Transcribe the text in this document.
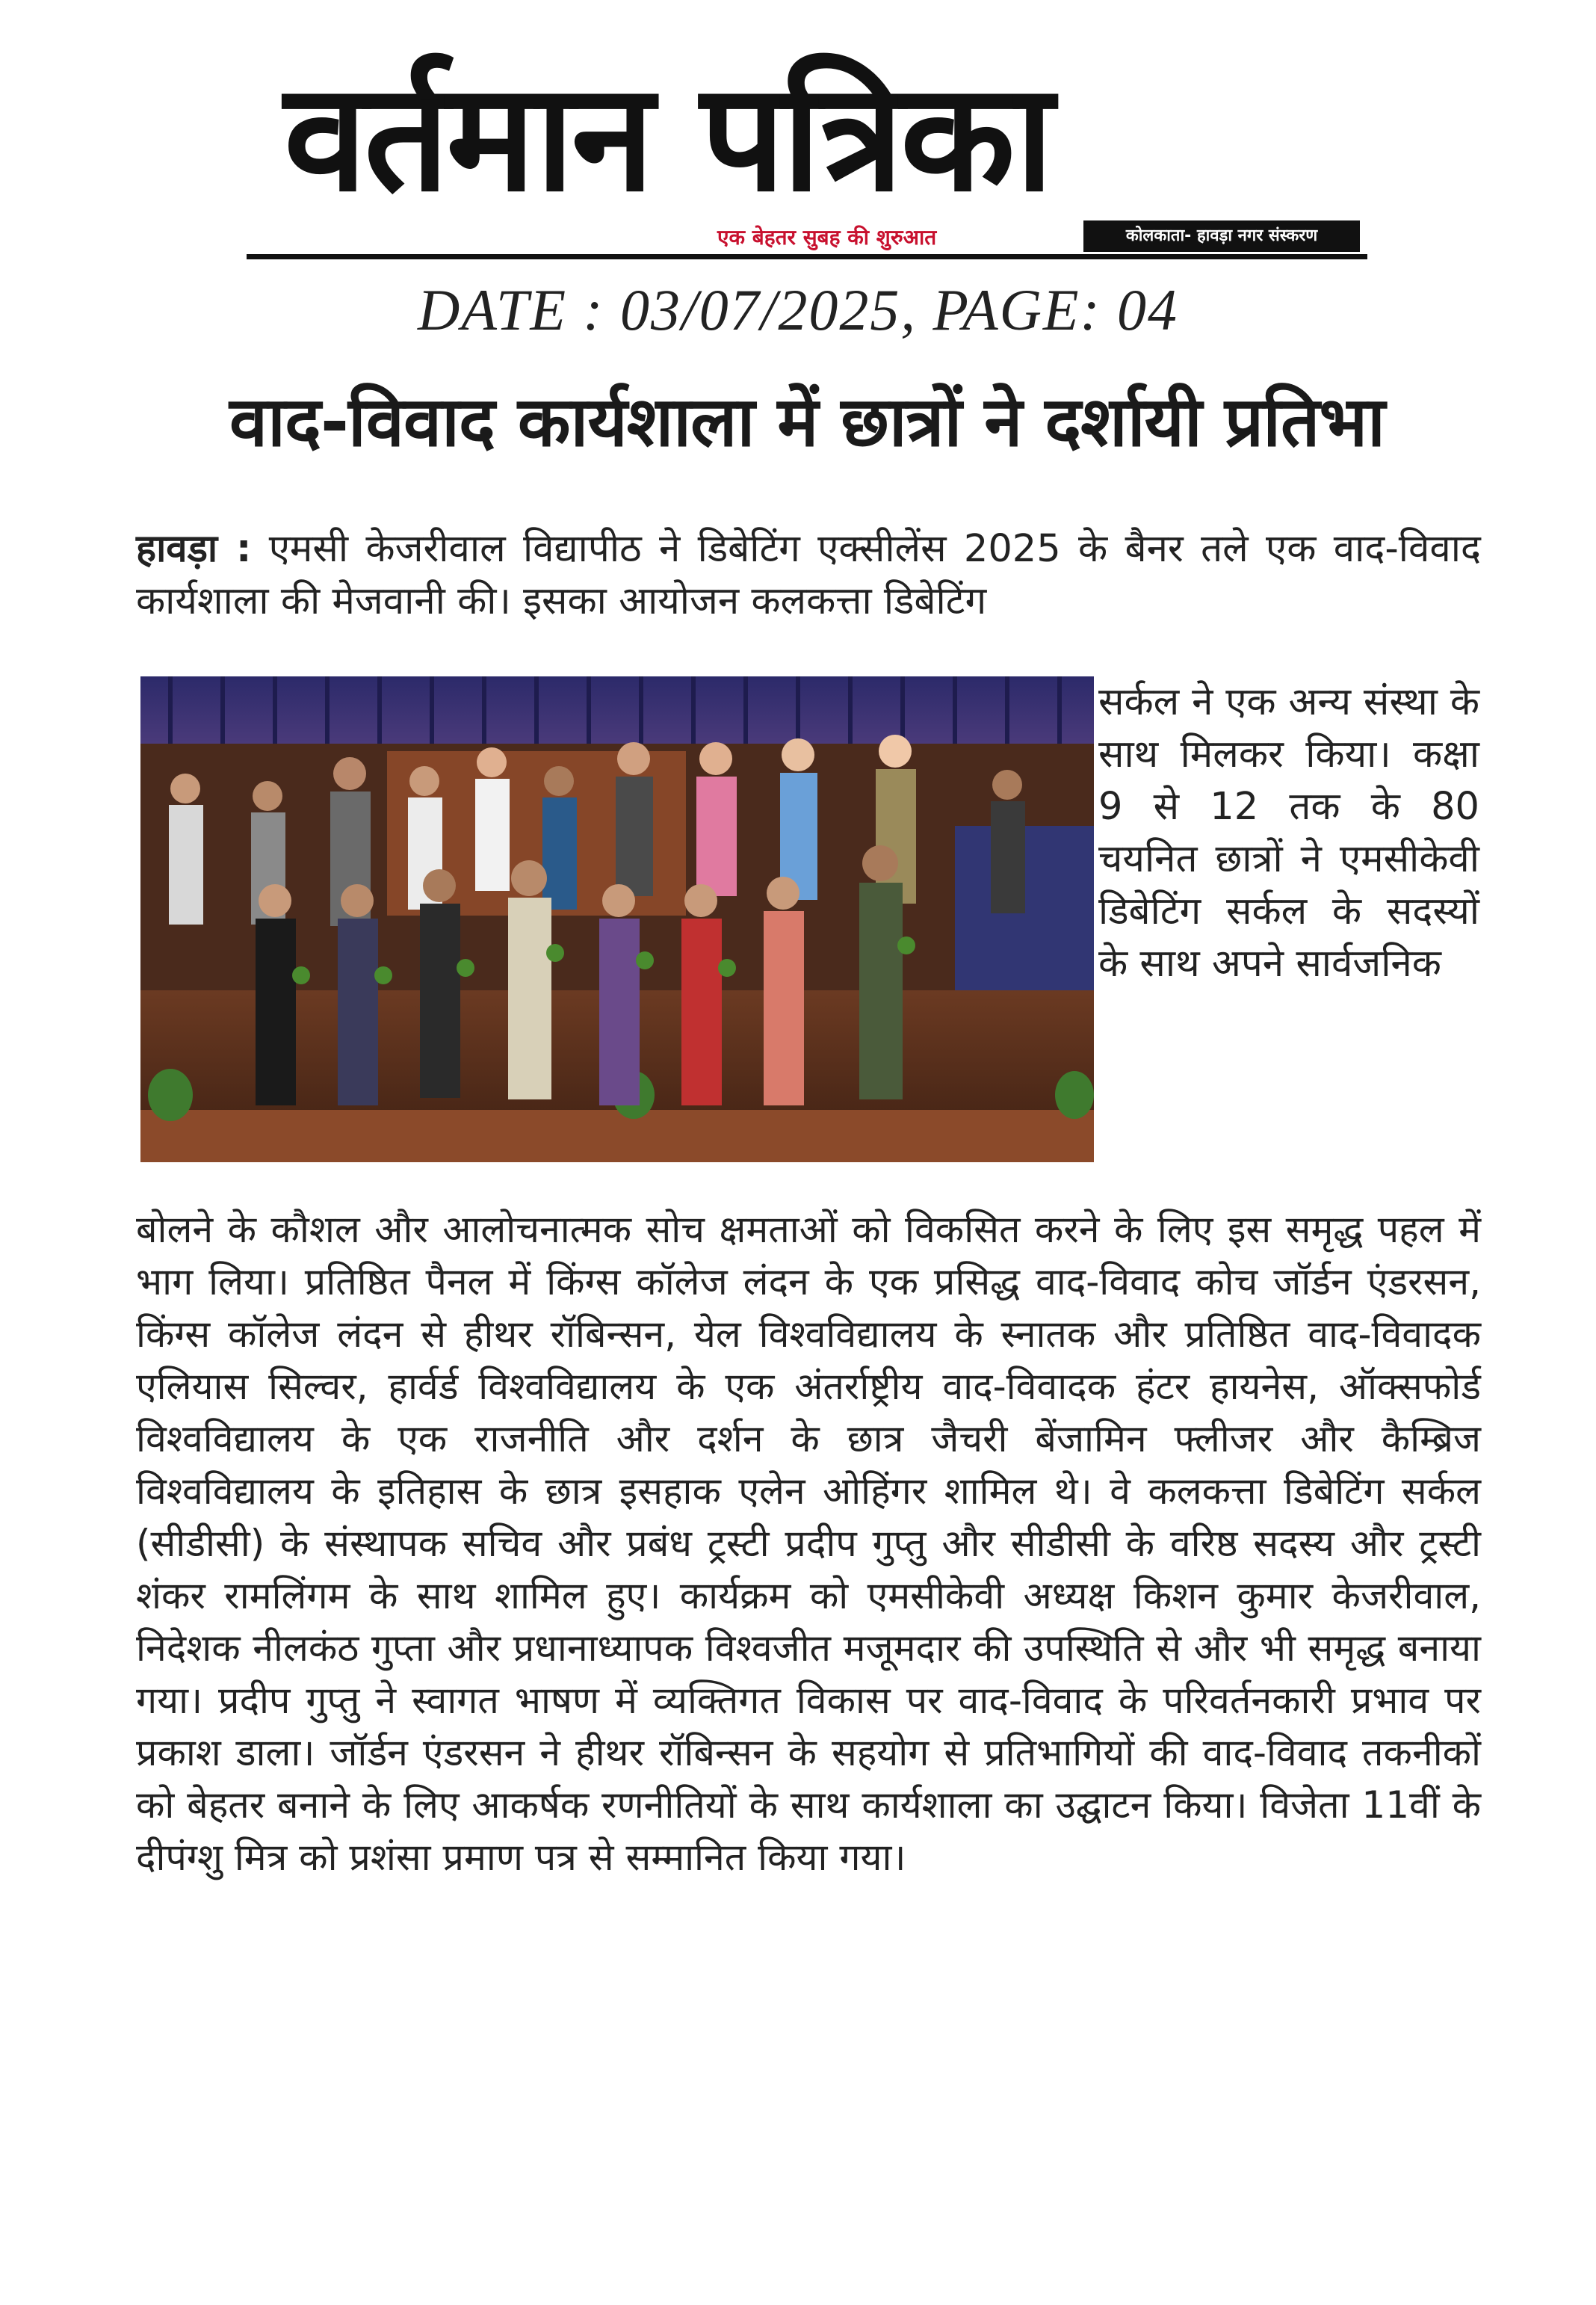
वर्तमान पत्रिका
एक बेहतर सुबह की शुरुआत	कोलकाता- हावड़ा नगर संस्करण
DATE : 03/07/2025, PAGE: 04
वाद-विवाद कार्यशाला में छात्रों ने दर्शायी प्रतिभा
हावड़ा : एमसी केजरीवाल विद्यापीठ ने डिबेटिंग एक्सीलेंस 2025 के बैनर तले एक वाद-विवाद कार्यशाला की मेजवानी की। इसका आयोजन कलकत्ता डिबेटिंग
सर्कल ने एक अन्य संस्था के साथ मिलकर किया। कक्षा 9 से 12 तक के 80 चयनित छात्रों ने एमसीकेवी डिबेटिंग सर्कल के सदस्यों के साथ अपने सार्वजनिक
बोलने के कौशल और आलोचनात्मक सोच क्षमताओं को विकसित करने के लिए इस समृद्ध पहल में भाग लिया। प्रतिष्ठित पैनल में किंग्स कॉलेज लंदन के एक प्रसिद्ध वाद-विवाद कोच जॉर्डन एंडरसन, किंग्स कॉलेज लंदन से हीथर रॉबिन्सन, येल विश्वविद्यालय के स्नातक और प्रतिष्ठित वाद-विवादक एलियास सिल्वर, हार्वर्ड विश्वविद्यालय के एक अंतर्राष्ट्रीय वाद-विवादक हंटर हायनेस, ऑक्सफोर्ड विश्वविद्यालय के एक राजनीति और दर्शन के छात्र जैचरी बेंजामिन फ्लीजर और कैम्ब्रिज विश्वविद्यालय के इतिहास के छात्र इसहाक एलेन ओहिंगर शामिल थे। वे कलकत्ता डिबेटिंग सर्कल (सीडीसी) के संस्थापक सचिव और प्रबंध ट्रस्टी प्रदीप गुप्तु और सीडीसी के वरिष्ठ सदस्य और ट्रस्टी शंकर रामलिंगम के साथ शामिल हुए। कार्यक्रम को एमसीकेवी अध्यक्ष किशन कुमार केजरीवाल, निदेशक नीलकंठ गुप्ता और प्रधानाध्यापक विश्वजीत मजूमदार की उपस्थिति से और भी समृद्ध बनाया गया। प्रदीप गुप्तु ने स्वागत भाषण में व्यक्तिगत विकास पर वाद-विवाद के परिवर्तनकारी प्रभाव पर प्रकाश डाला। जॉर्डन एंडरसन ने हीथर रॉबिन्सन के सहयोग से प्रतिभागियों की वाद-विवाद तकनीकों को बेहतर बनाने के लिए आकर्षक रणनीतियों के साथ कार्यशाला का उद्घाटन किया। विजेता 11वीं के दीपंग्शु मित्र को प्रशंसा प्रमाण पत्र से सम्मानित किया गया।
